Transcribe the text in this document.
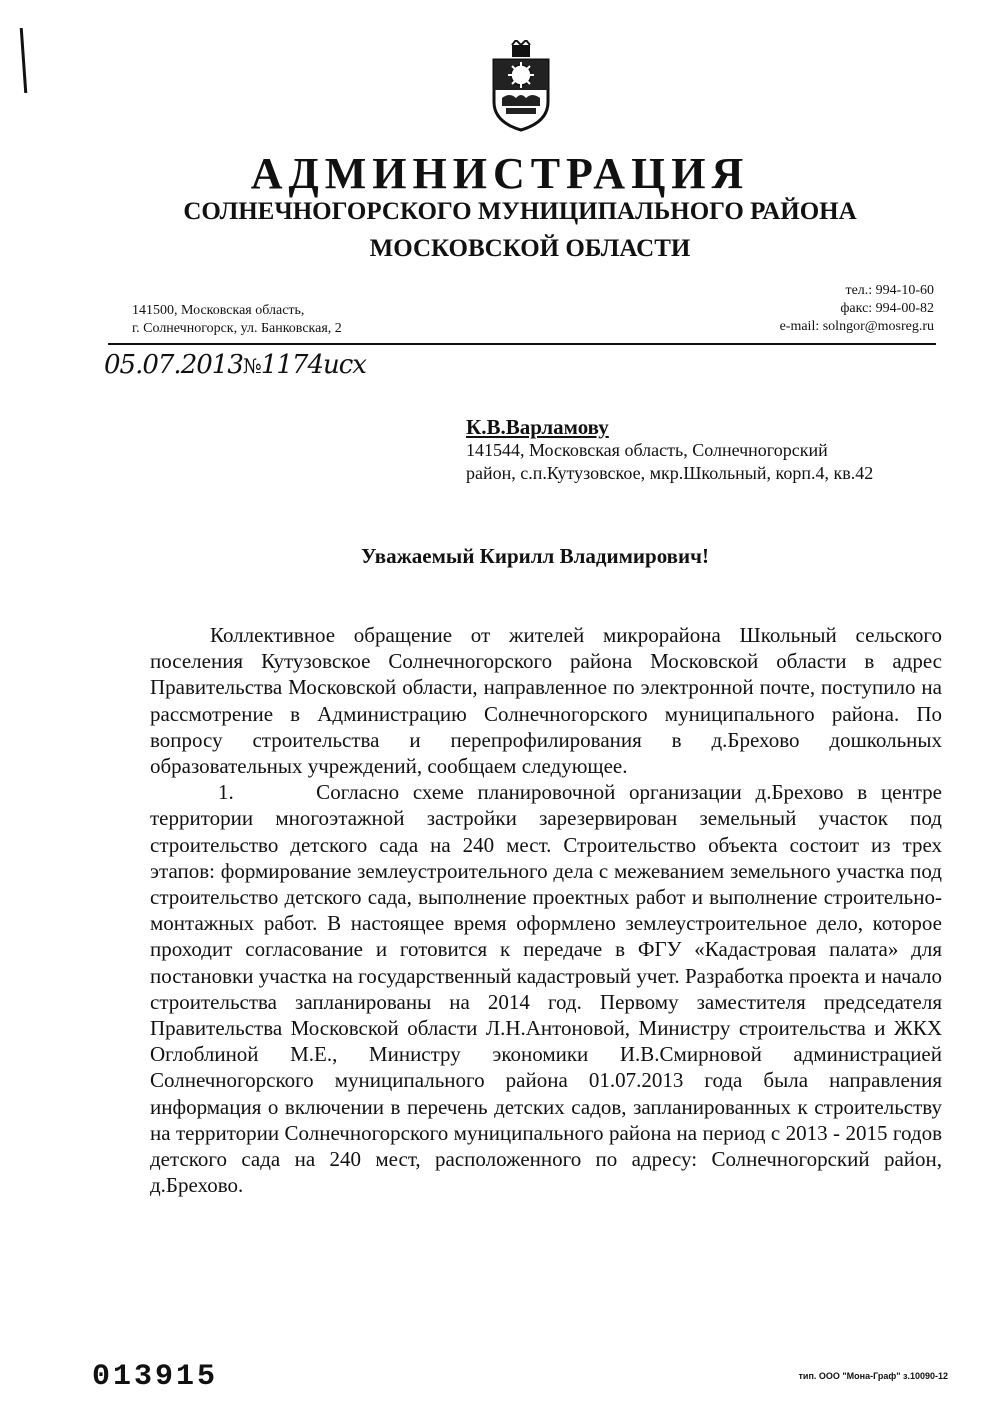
АДМИНИСТРАЦИЯ
СОЛНЕЧНОГОРСКОГО МУНИЦИПАЛЬНОГО РАЙОНА
МОСКОВСКОЙ ОБЛАСТИ
141500, Московская область,
г. Солнечногорск, ул. Банковская, 2
тел.: 994-10-60
факс: 994-00-82
e-mail: solngor@mosreg.ru
05.07.2013№1174исх
К.В.Варламову
141544, Московская область, Солнечногорский
район, с.п.Кутузовское, мкр.Школьный, корп.4, кв.42
Уважаемый Кирилл Владимирович!

Коллективное обращение от жителей микрорайона Школьный сельского поселения Кутузовское Солнечногорского района Московской области в адрес Правительства Московской области, направленное по электронной почте, поступило на рассмотрение в Администрацию Солнечногорского муниципального района. По вопросу строительства и перепрофилирования в д.Брехово дошкольных образовательных учреждений, сообщаем следующее.

1.      Согласно схеме планировочной организации д.Брехово в центре территории многоэтажной застройки зарезервирован земельный участок под строительство детского сада на 240 мест. Строительство объекта состоит из трех этапов: формирование землеустроительного дела с межеванием земельного участка под строительство детского сада, выполнение проектных работ и выполнение строительно-монтажных работ. В настоящее время оформлено землеустроительное дело, которое проходит согласование и готовится к передаче в ФГУ «Кадастровая палата» для постановки участка на государственный кадастровый учет. Разработка проекта и начало строительства запланированы на 2014 год. Первому заместителя председателя Правительства Московской области Л.Н.Антоновой, Министру строительства и ЖКХ Оглоблиной М.Е., Министру экономики И.В.Смирновой администрацией Солнечногорского муниципального района 01.07.2013 года была направления информация о включении в перечень детских садов, запланированных к строительству на территории Солнечногорского муниципального района на период с 2013 - 2015 годов детского сада на 240 мест, расположенного по адресу: Солнечногорский район, д.Брехово.

013915	тип. ООО "Мона-Граф" з.10090-12
